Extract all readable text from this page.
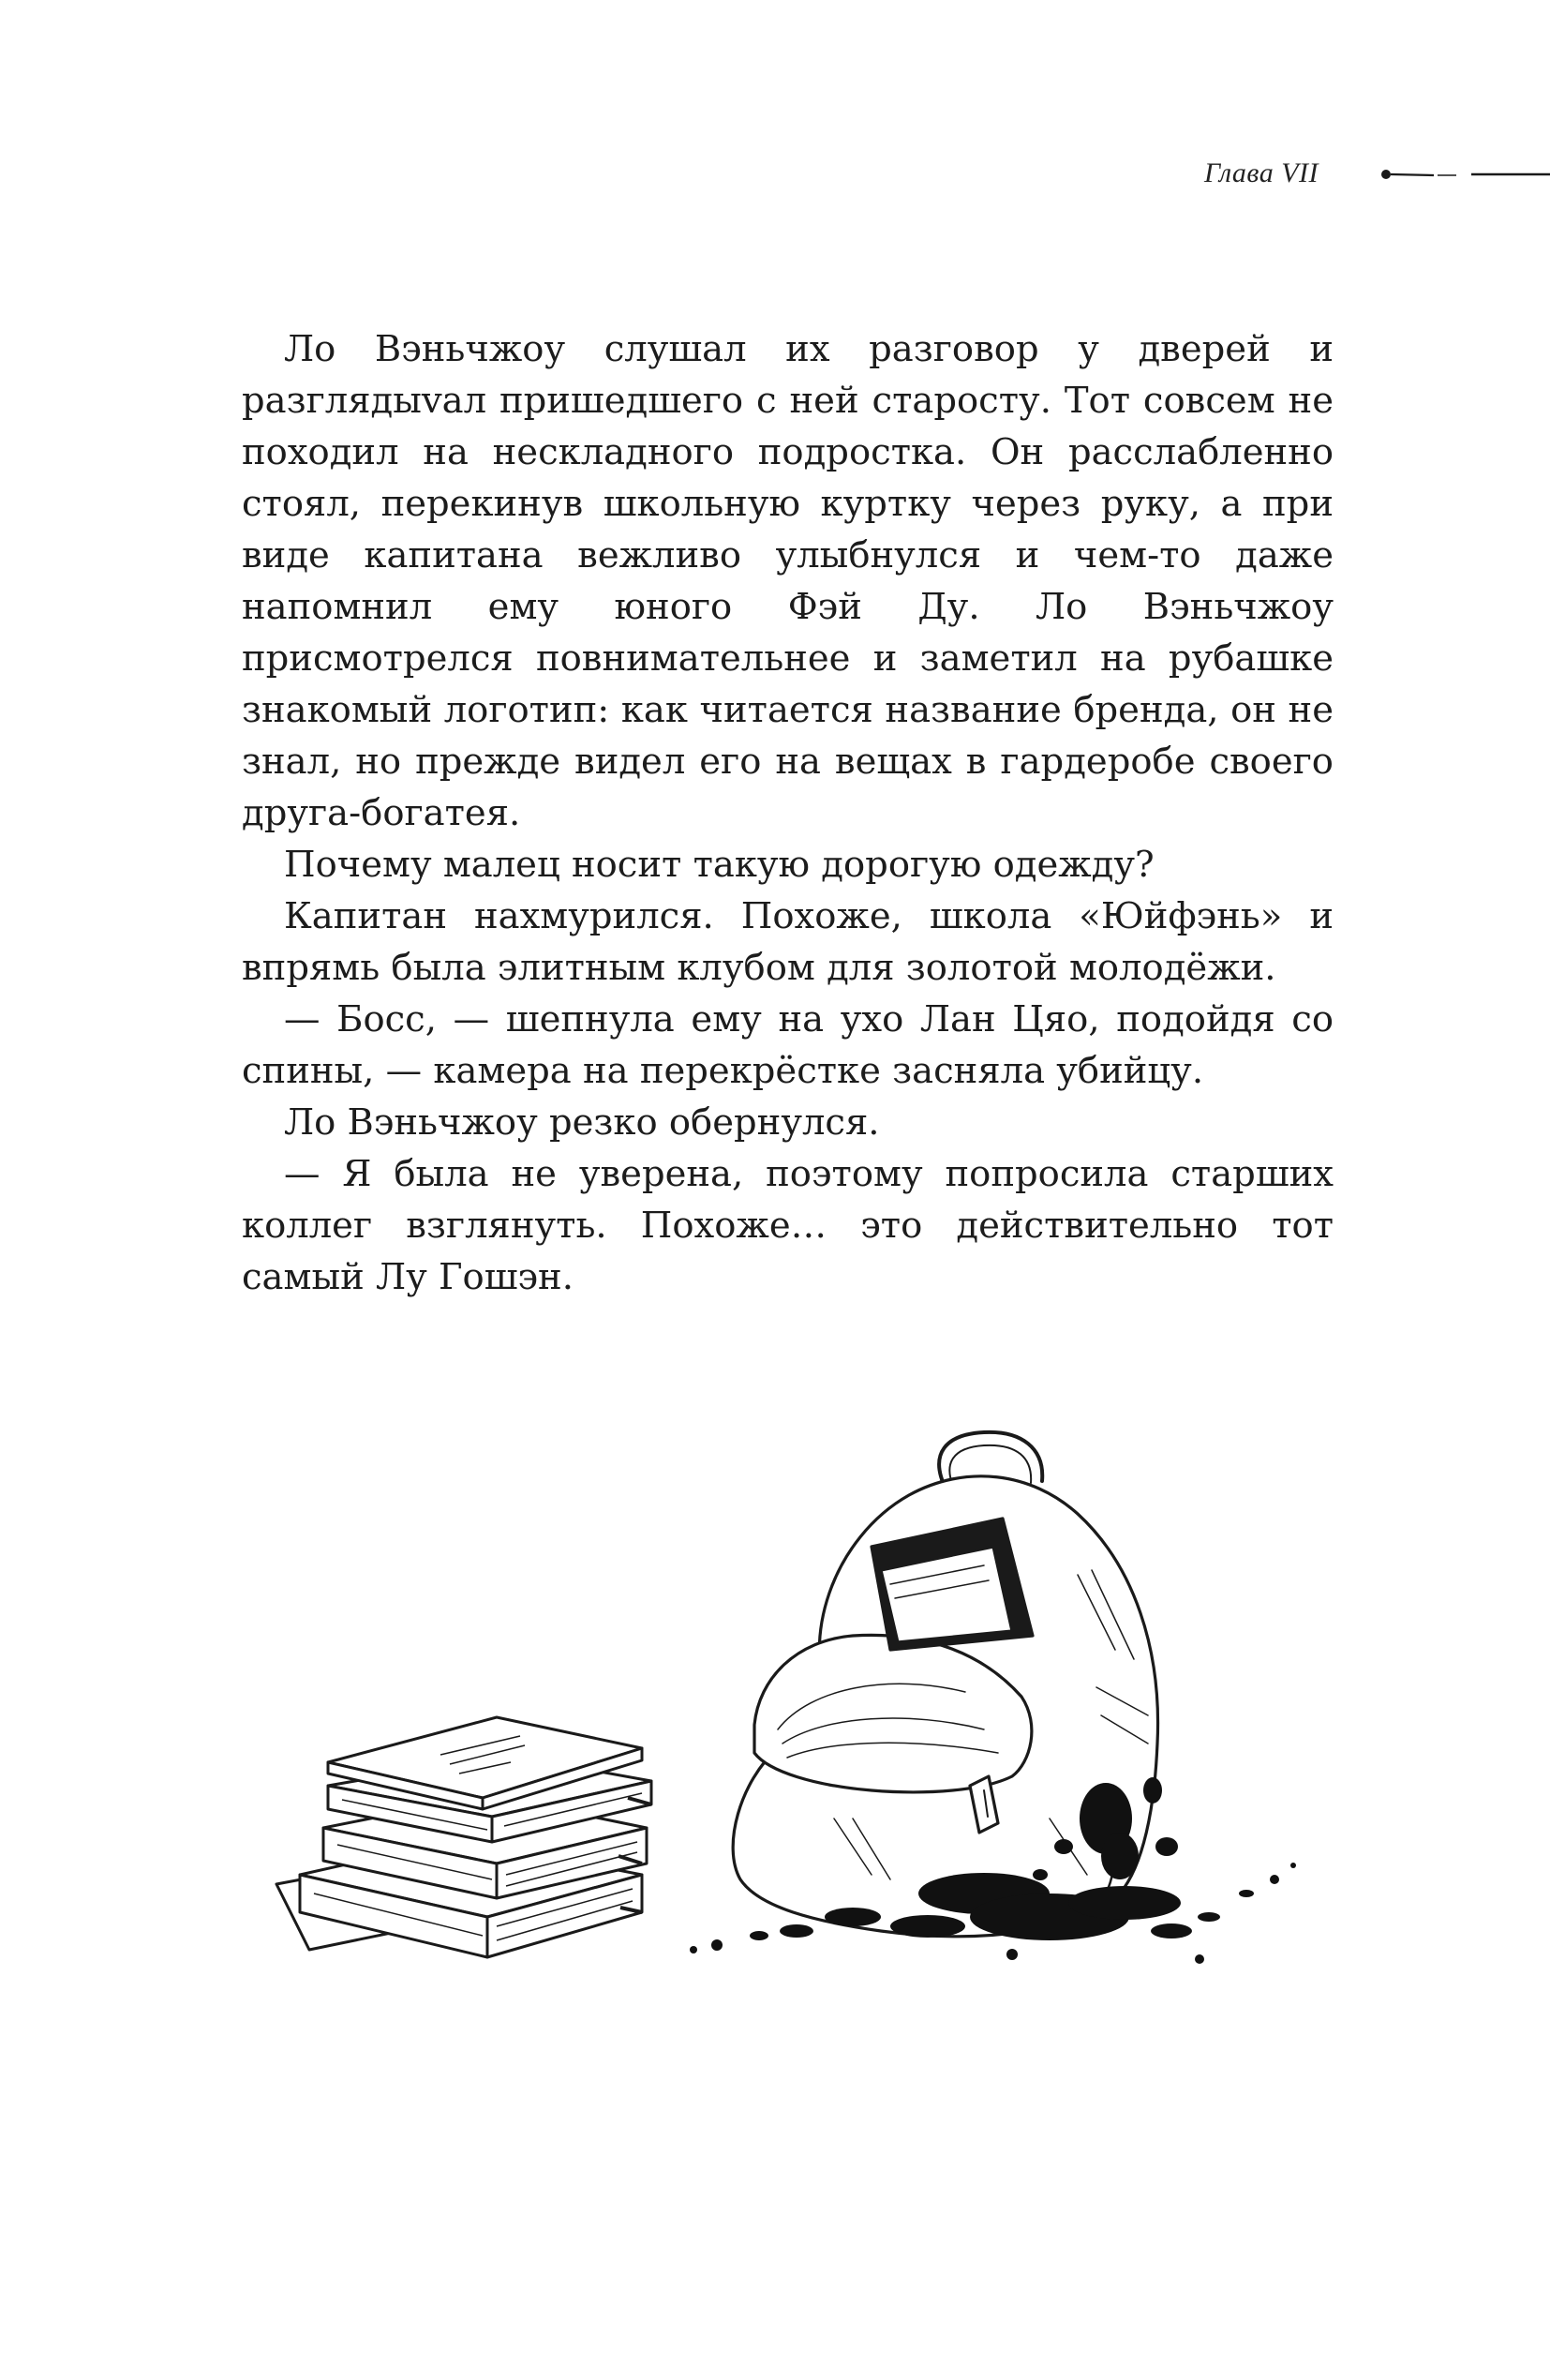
Глава VII

Ло Вэньчжоу слушал их разговор у дверей и разглядыvал пришедшего с ней старосту. Тот совсем не походил на нескладного подростка. Он расслабленно стоял, перекинув школьную куртку через руку, а при виде капитана вежливо улыбнулся и чем-то даже напомнил ему юного Фэй Ду. Ло Вэньчжоу присмотрелся повнимательнее и заметил на рубашке знакомый логотип: как читается название бренда, он не знал, но прежде видел его на вещах в гардеробе своего друга-богатея.

Почему малец носит такую дорогую одежду?

Капитан нахмурился. Похоже, школа «Юйфэнь» и впрямь была элитным клубом для золотой молодёжи.

— Босс, — шепнула ему на ухо Лан Цяо, подойдя со спины, — камера на перекрёстке засняла убийцу.

Ло Вэньчжоу резко обернулся.

— Я была не уверена, поэтому попросила старших коллег взглянуть. Похоже… это действительно тот самый Лу Гошэн.
